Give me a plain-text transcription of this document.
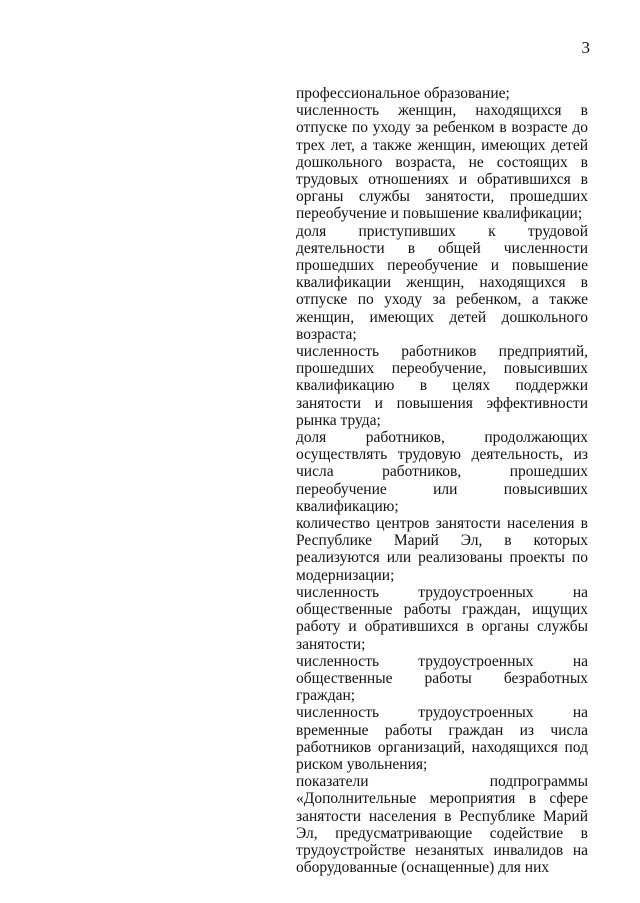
3

профессиональное образование;

численность женщин, находящихся в отпуске по уходу за ребенком в возрасте до трех лет, а также женщин, имеющих детей дошкольного возраста, не состоящих в трудовых отношениях и обратившихся в органы службы занятости, прошедших переобучение и повышение квалификации;

доля приступивших к трудовой деятельности в общей численности прошедших переобучение и повышение квалификации женщин, находящихся в отпуске по уходу за ребенком, а также женщин, имеющих детей дошкольного возраста;

численность работников предприятий, прошедших переобучение, повысивших квалификацию в целях поддержки занятости и повышения эффективности рынка труда;

доля работников, продолжающих осуществлять трудовую деятельность, из числа работников, прошедших переобучение или повысивших квалификацию;

количество центров занятости населения в Республике Марий Эл, в которых реализуются или реализованы проекты по модернизации;

численность трудоустроенных на общественные работы граждан, ищущих работу и обратившихся в органы службы занятости;

численность трудоустроенных на общественные работы безработных граждан;

численность трудоустроенных на временные работы граждан из числа работников организаций, находящихся под риском увольнения;

показатели подпрограммы «Дополнительные мероприятия в сфере занятости населения в Республике Марий Эл, предусматривающие содействие в трудоустройстве незанятых инвалидов на оборудованные (оснащенные) для них
